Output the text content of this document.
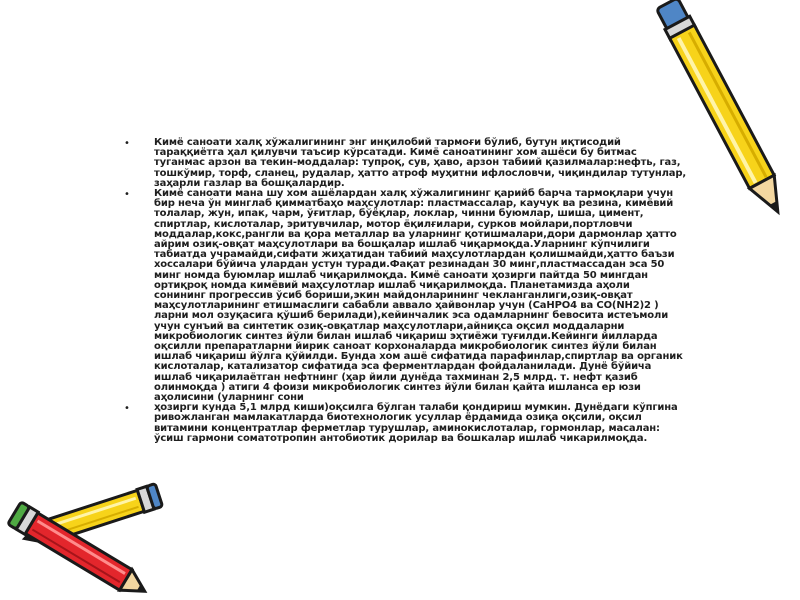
• Кимё саноати халқ хўжалигининг энг инқилобий тармоғи бўлиб, бутун иқтисодий
тараққиётга ҳал қилувчи таъсир кўрсатади. Кимё саноатининг хом ашёси бу битмас
туганмас арзон ва текин-моддалар: тупроқ, сув, ҳаво, арзон табиий қазилмалар:нефть, газ,
тошкўмир, торф, сланец, рудалар, ҳатто атроф муҳитни ифлословчи, чиқиндилар тутунлар,
заҳарли газлар ва бошқалардир.
• Кимё саноати мана шу хом ашёлардан халқ хўжалигининг қарийб барча тармоқлари учун
бир неча ўн минглаб қимматбаҳо маҳсулотлар: пластмассалар, каучук ва резина, кимёвий
толалар, жун, ипак, чарм, ўғитлар, бўёқлар, локлар, чинни буюмлар, шиша, цимент,
спиртлар, кислоталар, эритувчилар, мотор ёқилғилари, сурков мойлари,портловчи
моддалар,кокс,рангли ва қора металлар ва уларнинг қотишмалари,дори дармонлар ҳатто
айрим озиқ-овқат маҳсулотлари ва бошқалар ишлаб чиқармоқда.Уларнинг кўпчилиги
табиатда учрамайди,сифати жиҳатидан табиий маҳсулотлардан қолишмайди,ҳатто баъзи
хоссалари бўйича улардан устун туради.Фақат резинадан 30 минг,пластмассадан эса 50
минг номда буюмлар ишлаб чиқарилмоқда. Кимё саноати ҳозирги пайтда 50 мингдан
ортиқроқ номда кимёвий маҳсулотлар ишлаб чиқарилмоқда. Планетамизда аҳоли
сонининг прогрессив ўсиб бориши,экин майдонларининг чекланганлиги,озиқ-овқат
маҳсулотларининг етишмаслиги сабабли аввало ҳайвонлар учун (CaHPO4 ва CO(NH2)2 )
ларни мол озуқасига қўшиб берилади),кейинчалик эса одамларнинг бевосита истеъмоли
учун сунъий ва синтетик озиқ-овқатлар маҳсулотлари,айниқса оқсил моддаларни
микробиологик синтез йўли билан ишлаб чиқариш эҳтиёжи туғилди.Кейинги йилларда
оқсилли препаратларни йирик саноат корхоналарда микробиологик синтез йўли билан
ишлаб чиқариш йўлга қўйилди. Бунда хом ашё сифатида парафинлар,спиртлар ва органик
кислоталар, катализатор сифатида эса ферментлардан фойдаланилади. Дунё бўйича
ишлаб чиқарилаётган нефтнинг (ҳар йили дунёда тахминан 2,5 млрд. т. нефт қазиб
олинмоқда ) атиги 4 фоизи микробиологик синтез йўли билан қайта ишланса ер юзи
аҳолисини (уларнинг сони
• ҳозирги кунда 5,1 млрд киши)оқсилга бўлган талаби қондириш мумкин. Дунёдаги кўпгина
ривожланган мамлакатларда биотехнологик усуллар ёрдамида озиқа оқсили, оқсил
витамини концентратлар ферметлар турушлар, аминокислоталар, гормонлар, масалан:
ўсиш гармони соматотропин антобиотик дорилар ва бошкалар ишлаб чикарилмоқда.
